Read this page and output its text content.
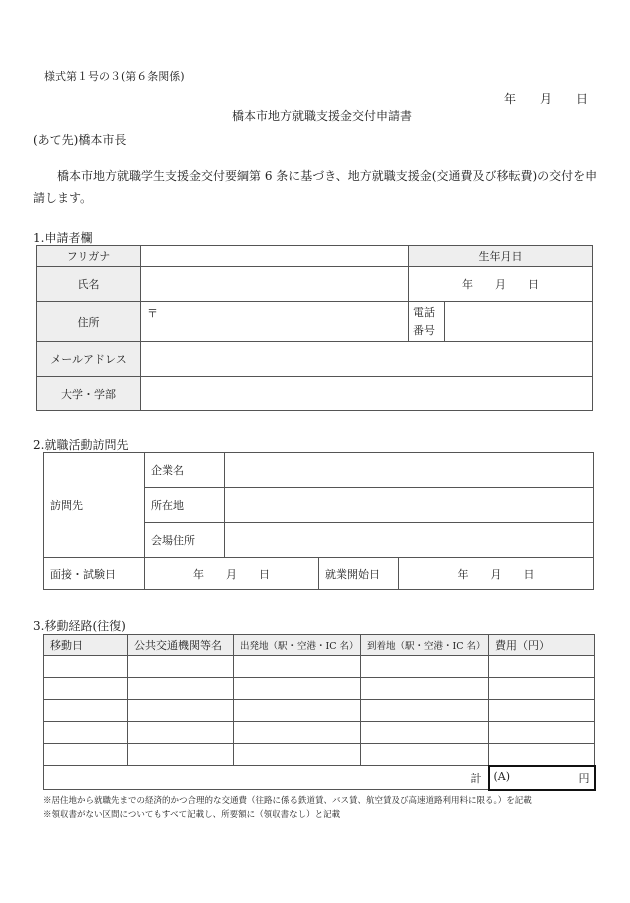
様式第１号の３(第６条関係)
年　　月　　日
橋本市地方就職支援金交付申請書
(あて先)橋本市長
橋本市地方就職学生支援金交付要綱第 6 条に基づき、地方就職支援金(交通費及び移転費)の交付を申
請します。
1.申請者欄
フリガナ		生年月日	
氏名		年　　月　　日	
住所	〒	電話
番号	

メールアドレス			
大学・学部			
2.就職活動訪問先
訪問先	企業名			
	所在地			
	会場住所			
面接・試験日	年　　月　　日		就業開始日	年　　月　　日
3.移動経路(往復)
移動日	公共交通機関等名	出発地（駅・空港・IC 名）	到着地（駅・空港・IC 名）	費用（円）

計				(A) 円
※居住地から就職先までの経済的かつ合理的な交通費（往路に係る鉄道賃、バス賃、航空賃及び高速道路利用料に限る。）を記載
※領収書がない区間についてもすべて記載し、所要額に（領収書なし）と記載
